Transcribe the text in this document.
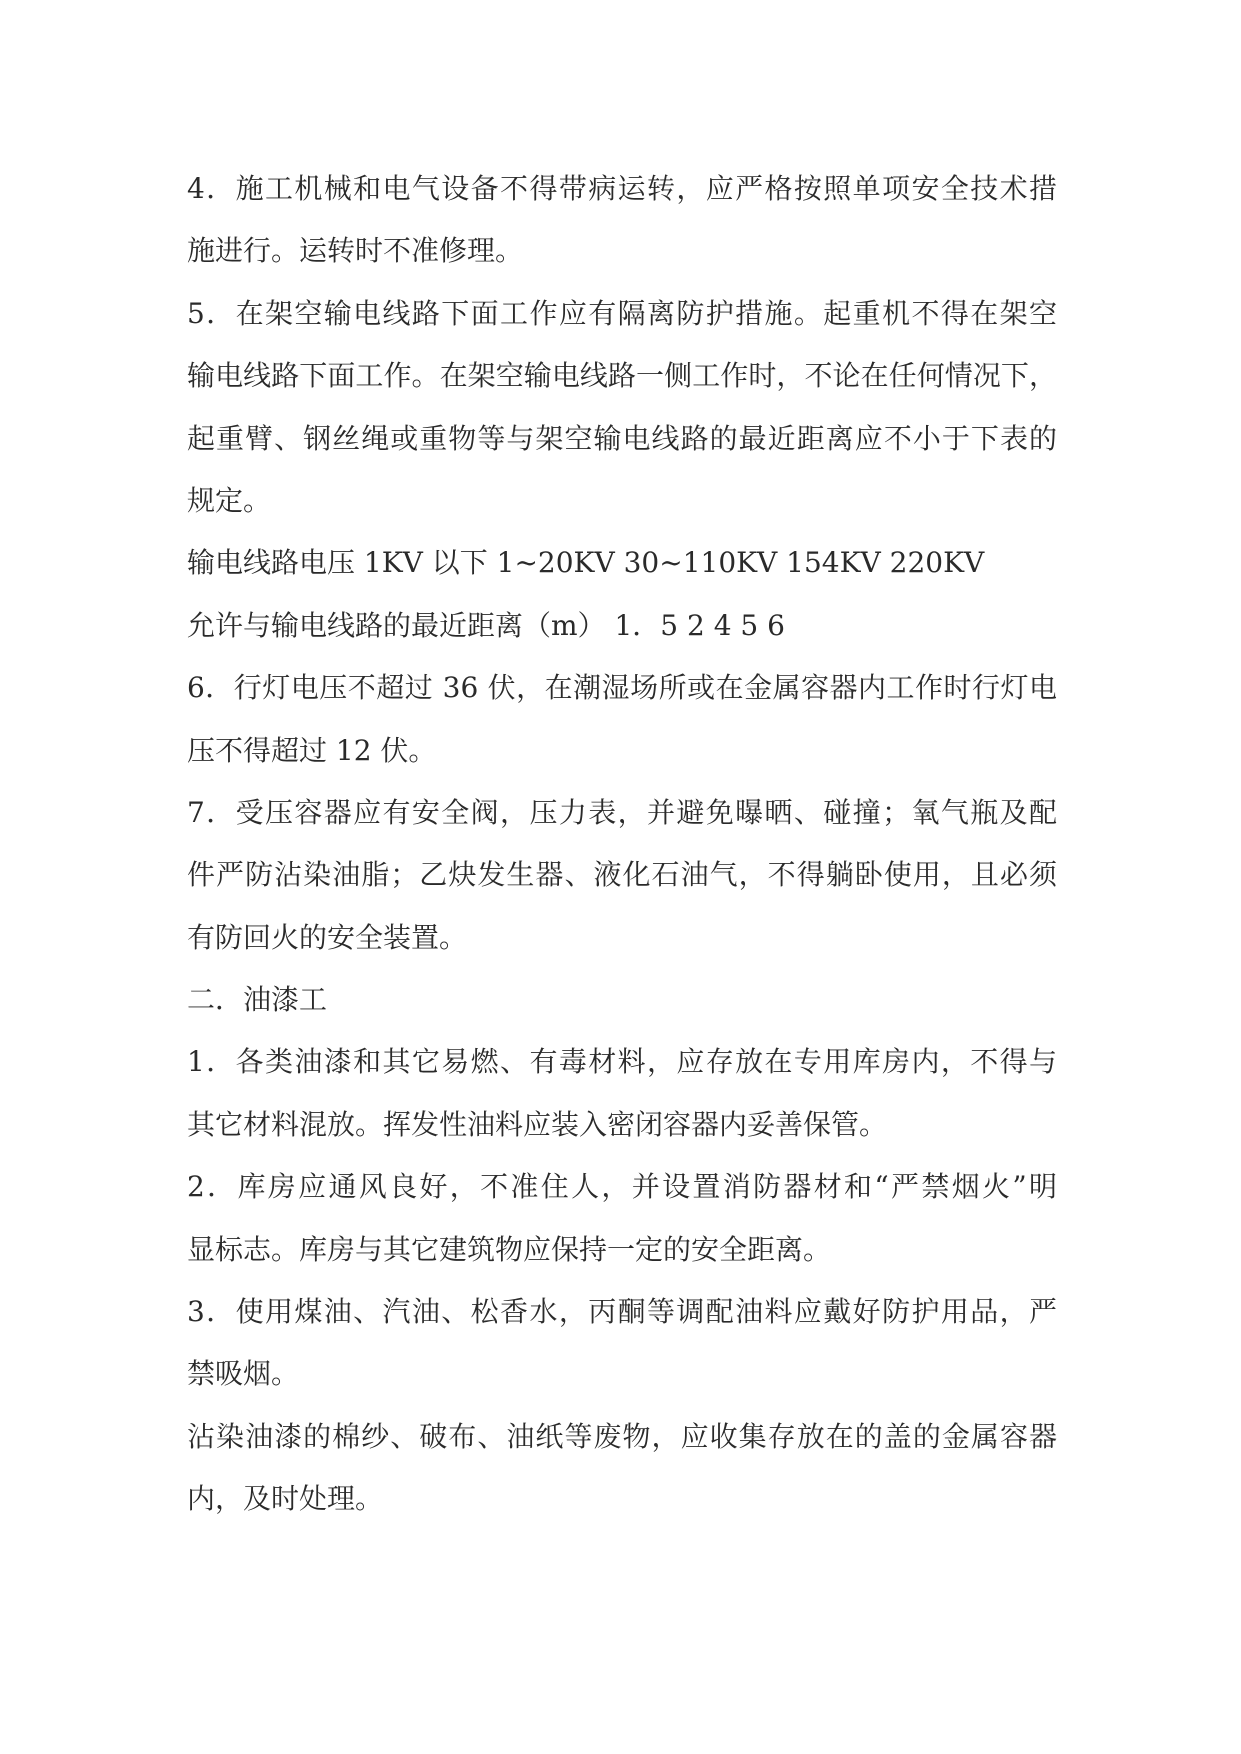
4．施工机械和电气设备不得带病运转，应严格按照单项安全技术措
施进行。运转时不准修理。
5．在架空输电线路下面工作应有隔离防护措施。起重机不得在架空
输电线路下面工作。在架空输电线路一侧工作时，不论在任何情况下，
起重臂、钢丝绳或重物等与架空输电线路的最近距离应不小于下表的
规定。
输电线路电压 1KV 以下 1~20KV 30~110KV 154KV 220KV
允许与输电线路的最近距离（m） 1．5 2 4 5 6
6．行灯电压不超过 36 伏，在潮湿场所或在金属容器内工作时行灯电
压不得超过 12 伏。
7．受压容器应有安全阀，压力表，并避免曝晒、碰撞；氧气瓶及配
件严防沾染油脂；乙炔发生器、液化石油气，不得躺卧使用，且必须
有防回火的安全装置。
二．油漆工
1．各类油漆和其它易燃、有毒材料，应存放在专用库房内，不得与
其它材料混放。挥发性油料应装入密闭容器内妥善保管。
2．库房应通风良好，不准住人，并设置消防器材和“严禁烟火”明
显标志。库房与其它建筑物应保持一定的安全距离。
3．使用煤油、汽油、松香水，丙酮等调配油料应戴好防护用品，严
禁吸烟。
沾染油漆的棉纱、破布、油纸等废物，应收集存放在的盖的金属容器
内，及时处理。
